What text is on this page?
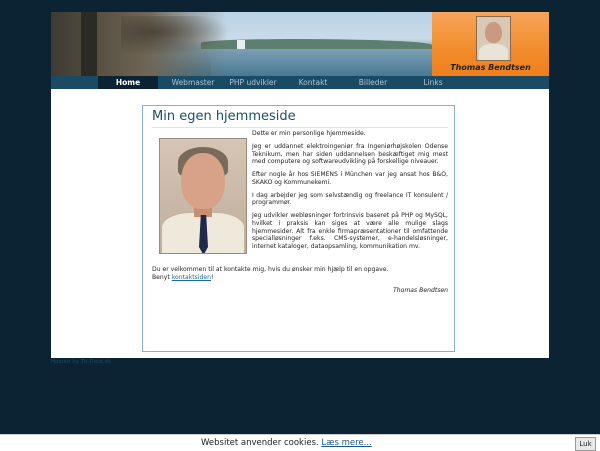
Thomas Bendtsen
Home	Webmaster	PHP udvikler	Kontakt	Billeder	Links
Min egen hjemmeside

Dette er min personlige hjemmeside.

Jeg er uddannet elektroingeniør fra Ingeniørhøjskolen Odense Teknikum, men har siden uddannelsen beskæftiget mig mest med computere og softwareudvikling på forskellige niveauer.

Efter nogle år hos SIEMENS i München var jeg ansat hos B&O, SKAKO og Kommunekemi.

I dag arbejder jeg som selvstændig og freelance IT konsulent / programmør.

Jeg udvikler webløsninger fortrinsvis baseret på PHP og MySQL, hvilket i praksis kan siges at være alle mulige slags hjemmesider. Alt fra enkle firmapræsentationer til omfattende specialløsninger f.eks. CMS-systemer, e-handelsløsninger, internet kataloger, dataopsamling, kommunikation mv.

Du er velkommen til at kontakte mig, hvis du ønsker min hjælp til en opgave.
Benyt kontaktsiden!

Thomas Bendtsen

Hosted by Tb-Data.dk
Websitet anvender cookies. Læs mere...	Luk
